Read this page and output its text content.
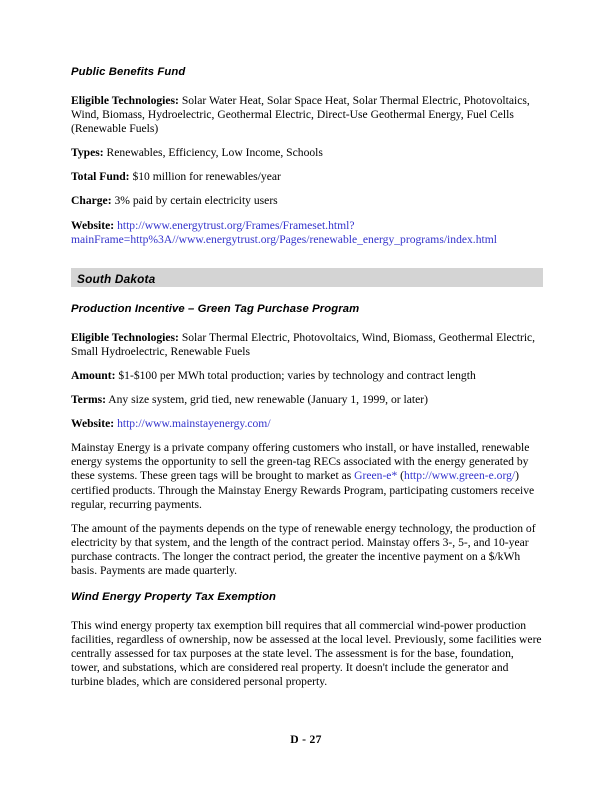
Public Benefits Fund

Eligible Technologies: Solar Water Heat, Solar Space Heat, Solar Thermal Electric, Photovoltaics, Wind, Biomass, Hydroelectric, Geothermal Electric, Direct-Use Geothermal Energy, Fuel Cells (Renewable Fuels)

Types: Renewables, Efficiency, Low Income, Schools

Total Fund: $10 million for renewables/year

Charge: 3% paid by certain electricity users

Website: http://www.energytrust.org/Frames/Frameset.html?mainFrame=http%3A//www.energytrust.org/Pages/renewable_energy_programs/index.html

South Dakota
Production Incentive – Green Tag Purchase Program

Eligible Technologies: Solar Thermal Electric, Photovoltaics, Wind, Biomass, Geothermal Electric, Small Hydroelectric, Renewable Fuels

Amount: $1-$100 per MWh total production; varies by technology and contract length

Terms: Any size system, grid tied, new renewable (January 1, 1999, or later)

Website: http://www.mainstayenergy.com/

Mainstay Energy is a private company offering customers who install, or have installed, renewable energy systems the opportunity to sell the green-tag RECs associated with the energy generated by these systems. These green tags will be brought to market as Green-e* (http://www.green-e.org/) certified products. Through the Mainstay Energy Rewards Program, participating customers receive regular, recurring payments.

The amount of the payments depends on the type of renewable energy technology, the production of electricity by that system, and the length of the contract period. Mainstay offers 3-, 5-, and 10-year purchase contracts. The longer the contract period, the greater the incentive payment on a $/kWh basis. Payments are made quarterly.

Wind Energy Property Tax Exemption

This wind energy property tax exemption bill requires that all commercial wind-power production facilities, regardless of ownership, now be assessed at the local level. Previously, some facilities were centrally assessed for tax purposes at the state level. The assessment is for the base, foundation, tower, and substations, which are considered real property. It doesn't include the generator and turbine blades, which are considered personal property.

D - 27
